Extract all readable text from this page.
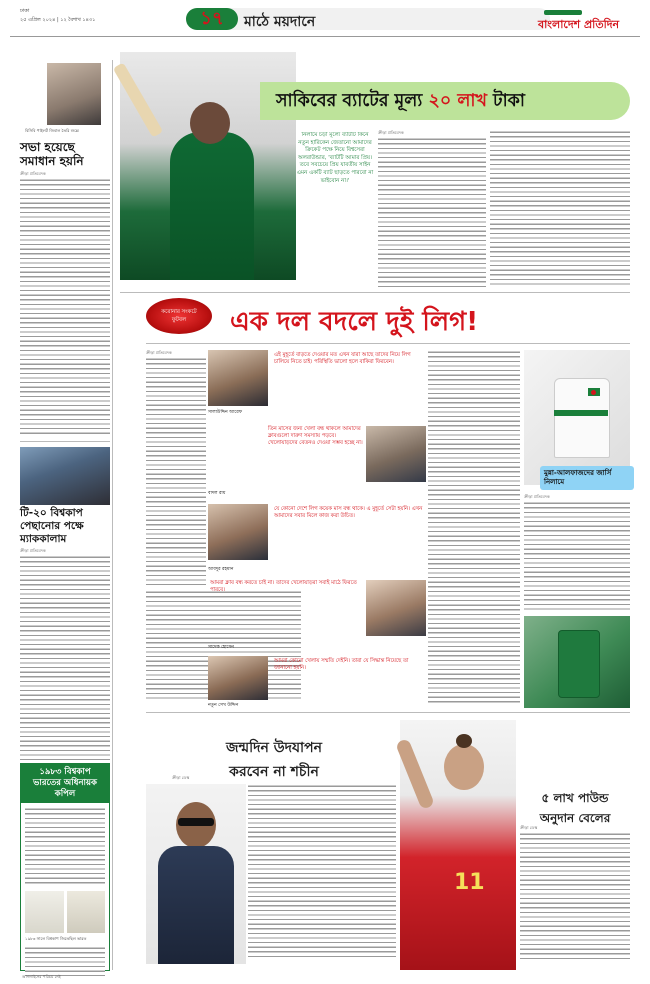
ঢাকা
২৫ এপ্রিল ২০২৪ | ১২ বৈশাখ ১৪৩১	১৭	মাঠে ময়দানে	বাংলাদেশ প্রতিদিন
বিসিবি পাইলট জিবাল তৈরি শুল্লে
সভা হয়েছে সমাধান হয়নি
ক্রীড়া প্রতিবেদক
টি-২০ বিশ্বকাপ পেছানোর পক্ষে ম্যাককালাম
ক্রীড়া প্রতিবেদক
১৯৮৩ বিশ্বকাপ ভারতের অধিনায়ক কপিল
১৯৮৩ সালে বিশ্বকাপ জিতেছিল ভারত
আনলাইনের পরিচয় নেই
সাকিবের ব্যাটের মূল্য ২০ লাখ টাকা
নিলামে চড়া মূল্যে ব্যাটটি কিনে নতুন হারিকেন জেতানো আমাদের ক্রিকেট পক্ষে নিয়ে বিশ্বসেরা অলরাউন্ডার, 'ব্যাটটি আমার প্রিয়। তবে সবচেয়ে প্রিয় যাবতীয় সাইন এমন একটি ব্যাট ছাড়তে পারবো না ভাইবোন না।'
ক্রীড়া প্রতিবেদক
করোনার সংকটে
ফুটবল	এক দল বদলে দুই লিগ!
ক্রীড়া প্রতিবেদক
সালাউদ্দিন আরেফ
এই মুহূর্তে বাড়তে দেওয়ার মত এখন যারা আছে তাদের নিয়ে লিগ চালিয়ে নিতে চাই। পরিস্থিতি ভালো হলে বাকিরা ফিরবেন।
বাদল রায়
তিন মাসের জন্য খেলা বন্ধ থাকলে আমাদের ক্লাবগুলো দারুণ সমস্যায় পড়বে। খেলোয়াড়দের বেতনও দেওয়া সম্ভব হচ্ছে না।
আবদুর রহমান
যে কোনো দেশে লিগ কয়েক মাস বন্ধ থাকে। এ মুহূর্তে সেটা হয়নি। এখন আমাদের সবার মিলে কাজ করা উচিত।
সাদেক হোসেন
আমরা ক্লাব বন্ধ করতে চাই না। তাদের খেলোয়াড়রা সবাই মাঠে ফিরতে পারবে।
নতুন সেখ উদ্দিন
আমরা কোনো খেলায় সম্মতি দেইনি। তারা যে সিদ্ধান্ত নিয়েছে তা জানানো হয়নি।
মুন্না-আলফাজদের জার্সি নিলামে
ক্রীড়া প্রতিবেদক
জন্মদিন উদযাপন
করবেন না শচীন
ক্রীড়া ডেস্ক
11
৫ লাখ পাউন্ড
অনুদান বেলের
ক্রীড়া ডেস্ক
